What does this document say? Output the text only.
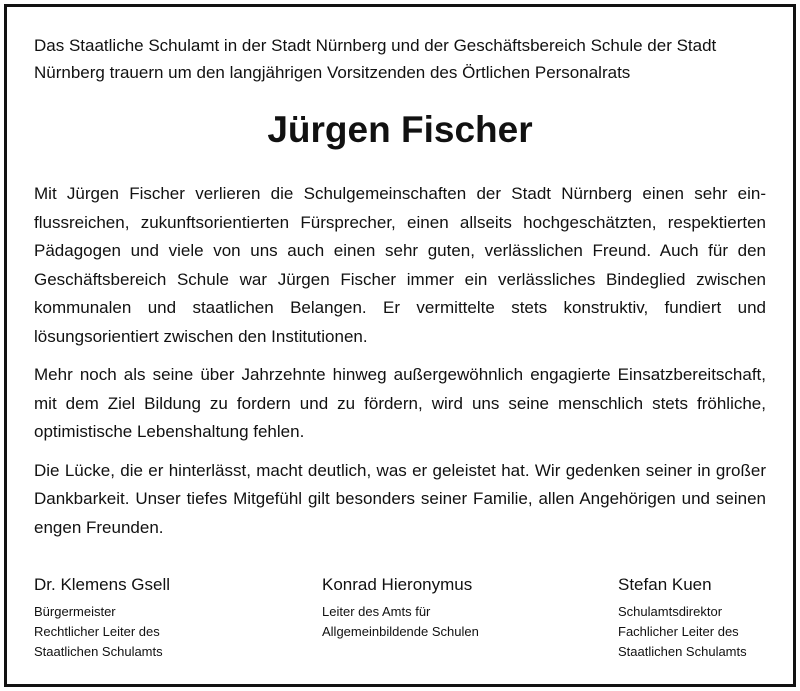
Das Staatliche Schulamt in der Stadt Nürnberg und der Geschäftsbereich Schule der Stadt
Nürnberg trauern um den langjährigen Vorsitzenden des Örtlichen Personalrats

Jürgen Fischer

Mit Jürgen Fischer verlieren die Schulgemeinschaften der Stadt Nürnberg einen sehr einflussreichen, zukunftsorientierten Fürsprecher, einen allseits hochgeschätzten, respektierten Pädagogen und viele von uns auch einen sehr guten, verlässlichen Freund. Auch für den Geschäftsbereich Schule war Jürgen Fischer immer ein verlässliches Bindeglied zwischen kommunalen und staatlichen Belangen. Er vermittelte stets konstruktiv, fundiert und lösungsorientiert zwischen den Institutionen.

Mehr noch als seine über Jahrzehnte hinweg außergewöhnlich engagierte Einsatzbereitschaft, mit dem Ziel Bildung zu fordern und zu fördern, wird uns seine menschlich stets fröhliche, optimistische Lebenshaltung fehlen.

Die Lücke, die er hinterlässt, macht deutlich, was er geleistet hat. Wir gedenken seiner in großer Dankbarkeit. Unser tiefes Mitgefühl gilt besonders seiner Familie, allen Angehörigen und seinen engen Freunden.

Dr. Klemens Gsell
Bürgermeister
Rechtlicher Leiter des
Staatlichen Schulamts
Konrad Hieronymus
Leiter des Amts für
Allgemeinbildende Schulen
Stefan Kuen
Schulamtsdirektor
Fachlicher Leiter des
Staatlichen Schulamts
